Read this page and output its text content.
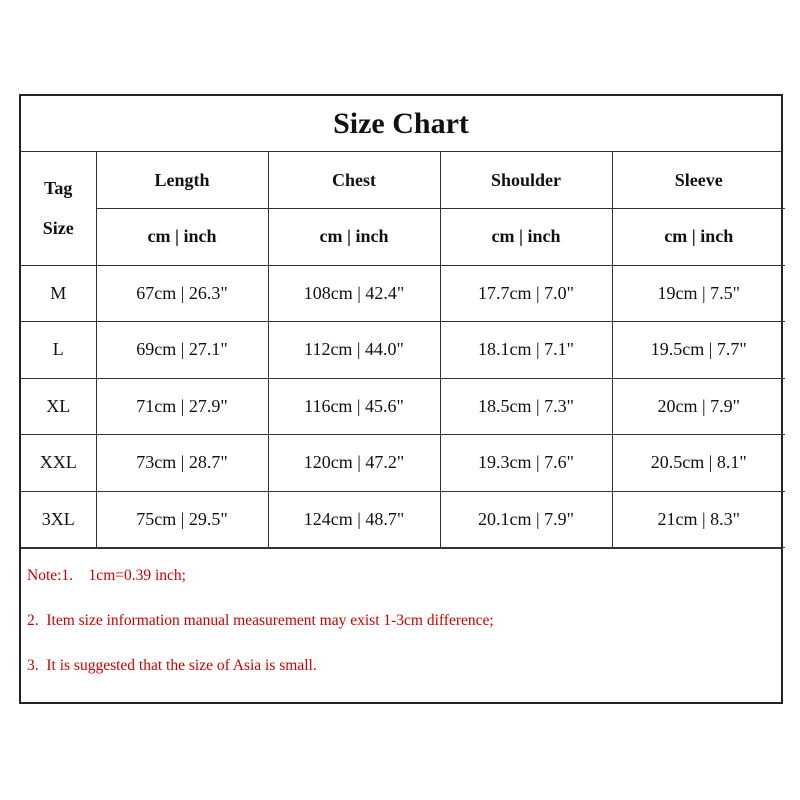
Size Chart
Tag
Size	Length	Chest	Shoulder	Sleeve
	cm | inch	cm | inch	cm | inch	cm | inch
M	67cm | 26.3"	108cm | 42.4"	17.7cm | 7.0"	19cm | 7.5"
L	69cm | 27.1"	112cm | 44.0"	18.1cm | 7.1"	19.5cm | 7.7"
XL	71cm | 27.9"	116cm | 45.6"	18.5cm | 7.3"	20cm | 7.9"
XXL	73cm | 28.7"	120cm | 47.2"	19.3cm | 7.6"	20.5cm | 8.1"
3XL	75cm | 29.5"	124cm | 48.7"	20.1cm | 7.9"	21cm | 8.3"
Note:1.    1cm=0.39 inch;
2.  Item size information manual measurement may exist 1-3cm difference;
3.  It is suggested that the size of Asia is small.
